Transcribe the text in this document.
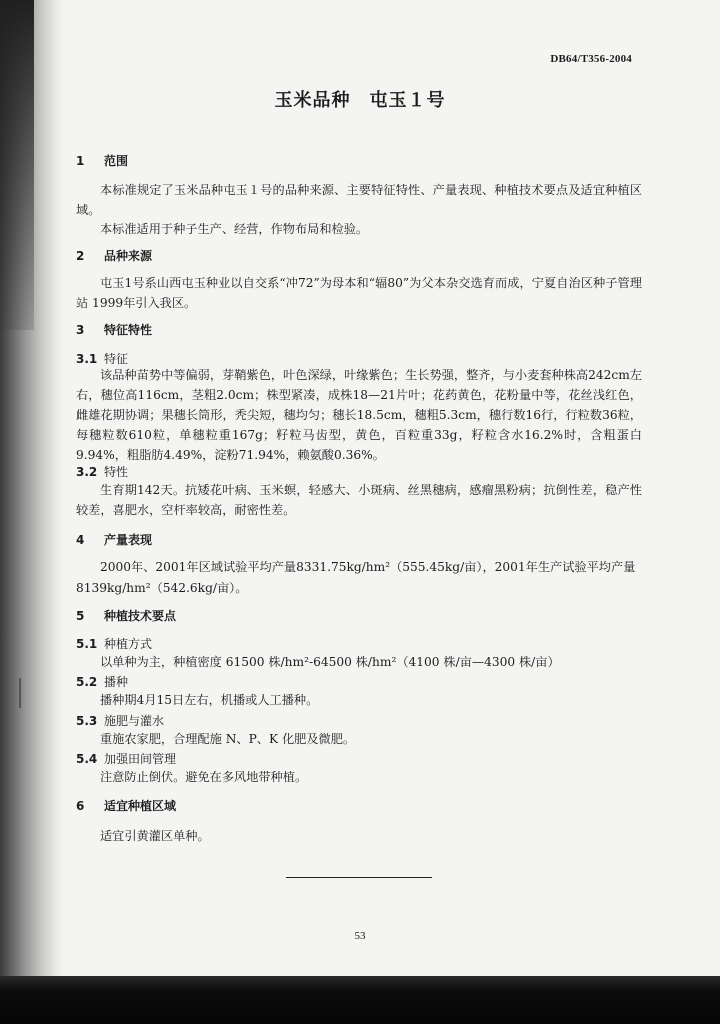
DB64/T356-2004
玉米品种　屯玉１号
1 范围
本标准规定了玉米品种屯玉１号的品种来源、主要特征特性、产量表现、种植技术要点及适宜种植区域。
本标准适用于种子生产、经营，作物布局和检验。
2 品种来源
屯玉1号系山西屯玉种业以自交系“冲72”为母本和“辐80”为父本杂交选育而成，宁夏自治区种子管理站 1999年引入我区。
3 特征特性
3.1 特征
该品种苗势中等偏弱，芽鞘紫色，叶色深绿，叶缘紫色；生长势强，整齐，与小麦套种株高242cm左右，穗位高116cm，茎粗2.0cm；株型紧凑，成株18—21片叶；花药黄色，花粉量中等，花丝浅红色，雌雄花期协调；果穗长筒形，秃尖短，穗均匀；穗长18.5cm，穗粗5.3cm，穗行数16行，行粒数36粒，每穗粒数610粒，单穗粒重167g；籽粒马齿型，黄色，百粒重33g，籽粒含水16.2%时，含粗蛋白9.94%，粗脂肪4.49%，淀粉71.94%，赖氨酸0.36%。
3.2 特性
生育期142天。抗矮花叶病、玉米螟，轻感大、小斑病、丝黑穗病，感瘤黑粉病；抗倒性差，稳产性较差，喜肥水，空杆率较高，耐密性差。
4 产量表现
2000年、2001年区域试验平均产量8331.75kg/hm²（555.45kg/亩），2001年生产试验平均产量
8139kg/hm²（542.6kg/亩）。
5 种植技术要点
5.1 种植方式
以单种为主，种植密度 61500 株/hm²-64500 株/hm²（4100 株/亩—4300 株/亩）
5.2 播种
播种期4月15日左右，机播或人工播种。
5.3 施肥与灌水
重施农家肥，合理配施 N、P、K 化肥及微肥。
5.4 加强田间管理
注意防止倒伏。避免在多风地带种植。
6 适宜种植区域
适宜引黄灌区单种。
53
